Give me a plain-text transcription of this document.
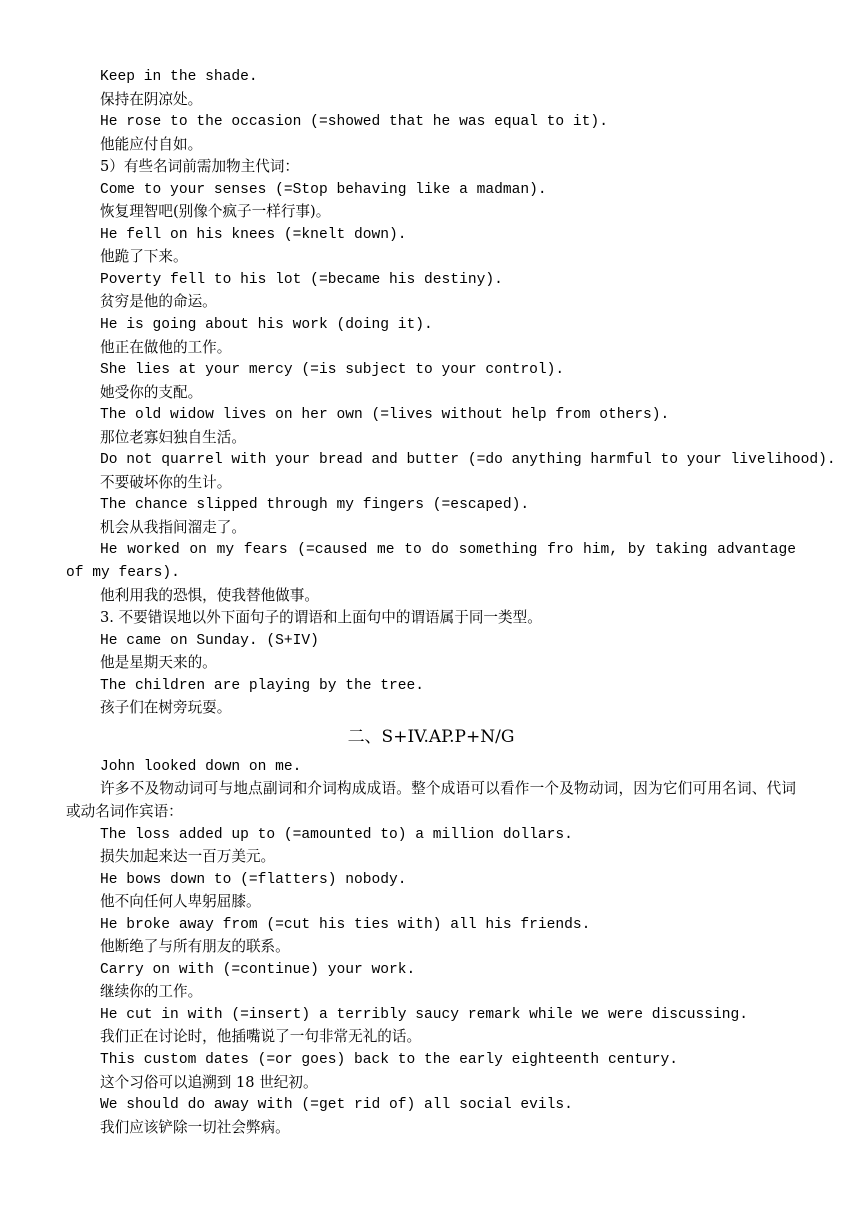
Keep in the shade.

保持在阴凉处。

He rose to the occasion (=showed that he was equal to it).

他能应付自如。

5）有些名词前需加物主代词：

Come to your senses (=Stop behaving like a madman).

恢复理智吧(别像个疯子一样行事)。

He fell on his knees (=knelt down).

他跪了下来。

Poverty fell to his lot (=became his destiny).

贫穷是他的命运。

He is going about his work (doing it).

他正在做他的工作。

She lies at your mercy (=is subject to your control).

她受你的支配。

The old widow lives on her own (=lives without help from others).

那位老寡妇独自生活。

Do not quarrel with your bread and butter (=do anything harmful to your livelihood).

不要破坏你的生计。

The chance slipped through my fingers (=escaped).

机会从我指间溜走了。

He worked on my fears (=caused me to do something fro him, by taking advantage of my fears).

他利用我的恐惧，使我替他做事。

3. 不要错误地以外下面句子的谓语和上面句中的谓语属于同一类型。

He came on Sunday. (S+IV)

他是星期天来的。

The children are playing by the tree.

孩子们在树旁玩耍。

二、S+IV.AP.P+N/G

John looked down on me.

许多不及物动词可与地点副词和介词构成成语。整个成语可以看作一个及物动词，因为它们可用名词、代词或动名词作宾语：

The loss added up to (=amounted to) a million dollars.

损失加起来达一百万美元。

He bows down to (=flatters) nobody.

他不向任何人卑躬屈膝。

He broke away from (=cut his ties with) all his friends.

他断绝了与所有朋友的联系。

Carry on with (=continue) your work.

继续你的工作。

He cut in with (=insert) a terribly saucy remark while we were discussing.

我们正在讨论时，他插嘴说了一句非常无礼的话。

This custom dates (=or goes) back to the early eighteenth century.

这个习俗可以追溯到 18 世纪初。

We should do away with (=get rid of) all social evils.

我们应该铲除一切社会弊病。
